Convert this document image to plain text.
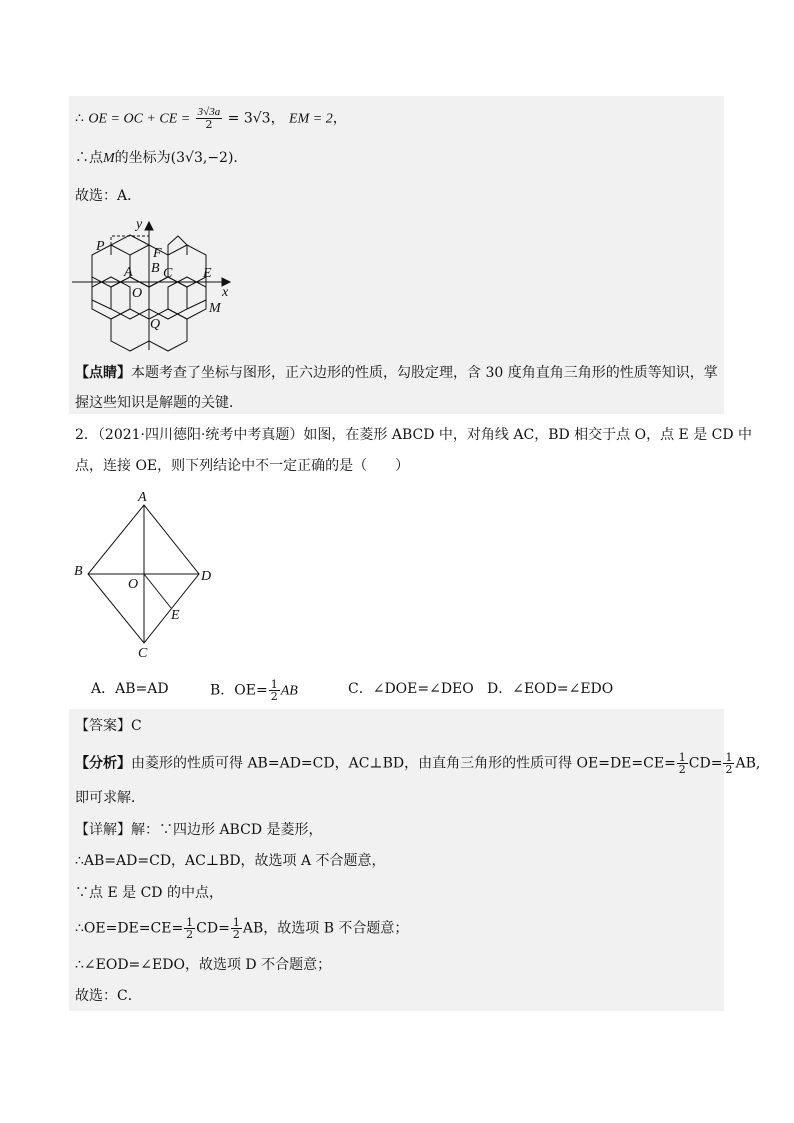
∴ OE = OC + CE = $\frac{3√3a}{2} = 3√3$， EM = 2，
∴点M的坐标为(3√3,−2).
故选：A．
y
x
P	F
A B C E
O
M
Q
【点睛】本题考查了坐标与图形，正六边形的性质，勾股定理，含 30 度角直角三角形的性质等知识，掌
握这些知识是解题的关键．
2．（2021·四川德阳·统考中考真题）如图，在菱形 ABCD 中，对角线 AC，BD 相交于点 O，点 E 是 CD 中
点，连接 OE，则下列结论中不一定正确的是（　　）
A
B
C
D
O
E
A．AB=AD	B．$OE= \frac{1}{2}$ AB	C．∠DOE=∠DEO D．∠EOD=∠EDO
【答案】C
【分析】由菱形的性质可得 AB=AD=CD，AC⊥BD，由直角三角形的性质可得 $OE=DE=CE= \frac{1}{2} CD= \frac{1}{2}$ AB,
即可求解．
【详解】解：∵四边形 ABCD 是菱形，
∴AB=AD=CD，AC⊥BD，故选项 A 不合题意，
∵点 E 是 CD 的中点，
∴OE=DE=CE= $\frac{1}{2} CD= \frac{1}{2}$ AB，故选项 B 不合题意；
∴∠EOD=∠EDO，故选项 D 不合题意；
故选：C．
